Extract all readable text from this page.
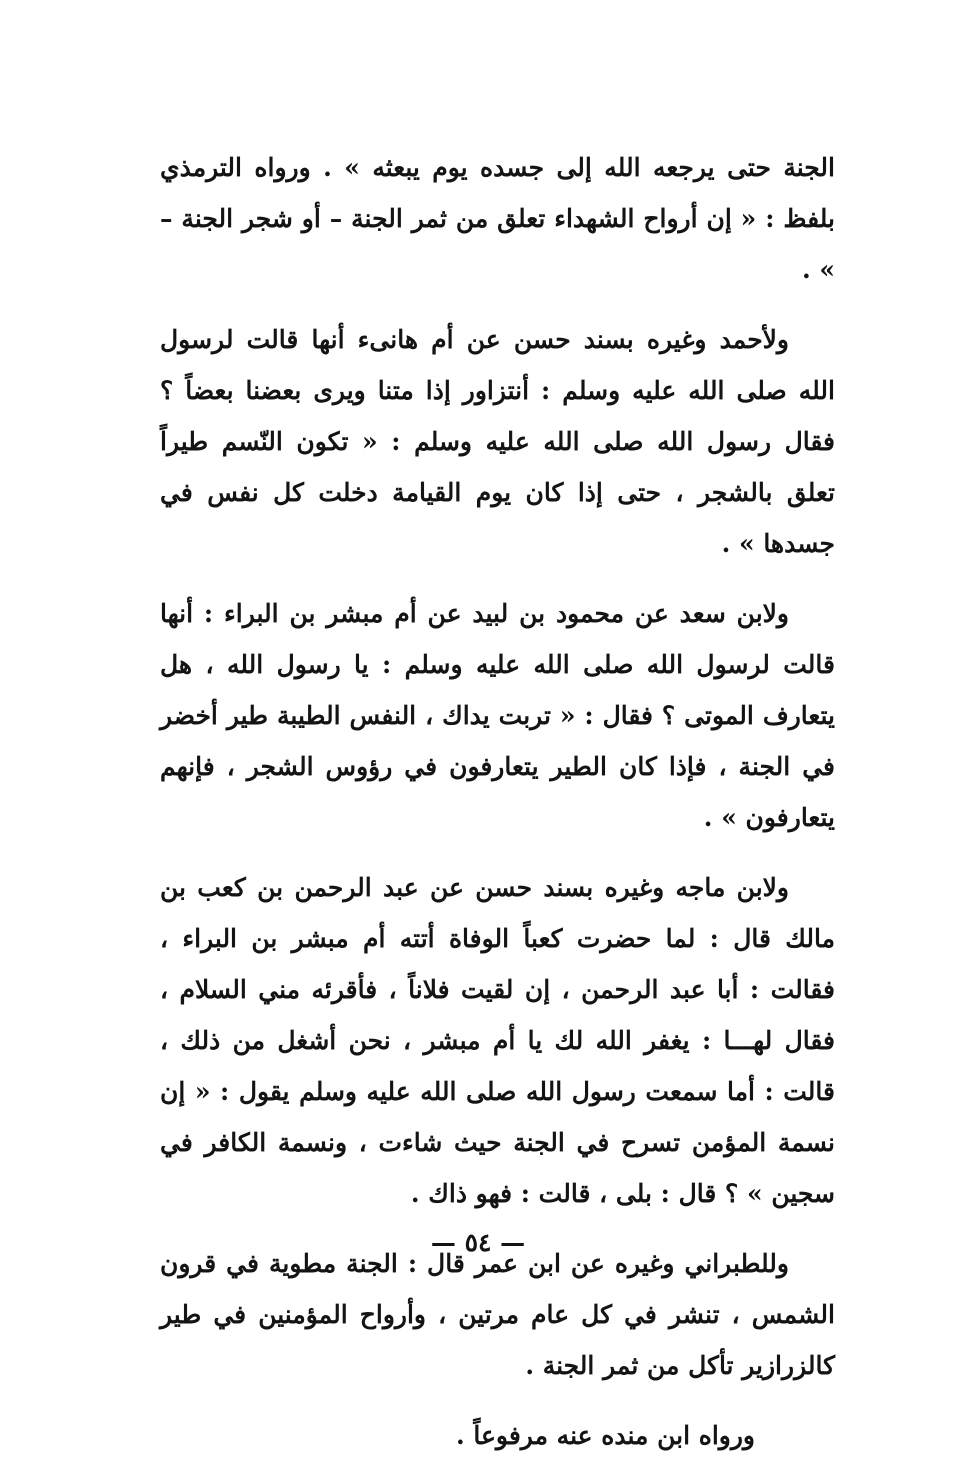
الجنة حتى يرجعه الله إلى جسده يوم يبعثه » . ورواه الترمذي بلفظ : « إن أرواح الشهداء تعلق من ثمر الجنة – أو شجر الجنة – » .

ولأحمد وغيره بسند حسن عن أم هانىء أنها قالت لرسول الله صلى الله عليه وسلم : أنتزاور إذا متنا ويرى بعضنا بعضاً ؟ فقال رسول الله صلى الله عليه وسلم : « تكون النّسم طيراً تعلق بالشجر ، حتى إذا كان يوم القيامة دخلت كل نفس في جسدها » .

ولابن سعد عن محمود بن لبيد عن أم مبشر بن البراء : أنها قالت لرسول الله صلى الله عليه وسلم : يا رسول الله ، هل يتعارف الموتى ؟ فقال : « تربت يداك ، النفس الطيبة طير أخضر في الجنة ، فإذا كان الطير يتعارفون في رؤوس الشجر ، فإنهم يتعارفون » .

ولابن ماجه وغيره بسند حسن عن عبد الرحمن بن كعب بن مالك قال : لما حضرت كعباً الوفاة أتته أم مبشر بن البراء ، فقالت : أبا عبد الرحمن ، إن لقيت فلاناً ، فأقرئه مني السلام ، فقال لهـــا : يغفر الله لك يا أم مبشر ، نحن أشغل من ذلك ، قالت : أما سمعت رسول الله صلى الله عليه وسلم يقول : « إن نسمة المؤمن تسرح في الجنة حيث شاءت ، ونسمة الكافر في سجين » ؟ قال : بلى ، قالت : فهو ذاك .

وللطبراني وغيره عن ابن عمر قال : الجنة مطوية في قرون الشمس ، تنشر في كل عام مرتين ، وأرواح المؤمنين في طير كالزرازير تأكل من ثمر الجنة .

ورواه ابن منده عنه مرفوعاً .

— ٥٤ —
